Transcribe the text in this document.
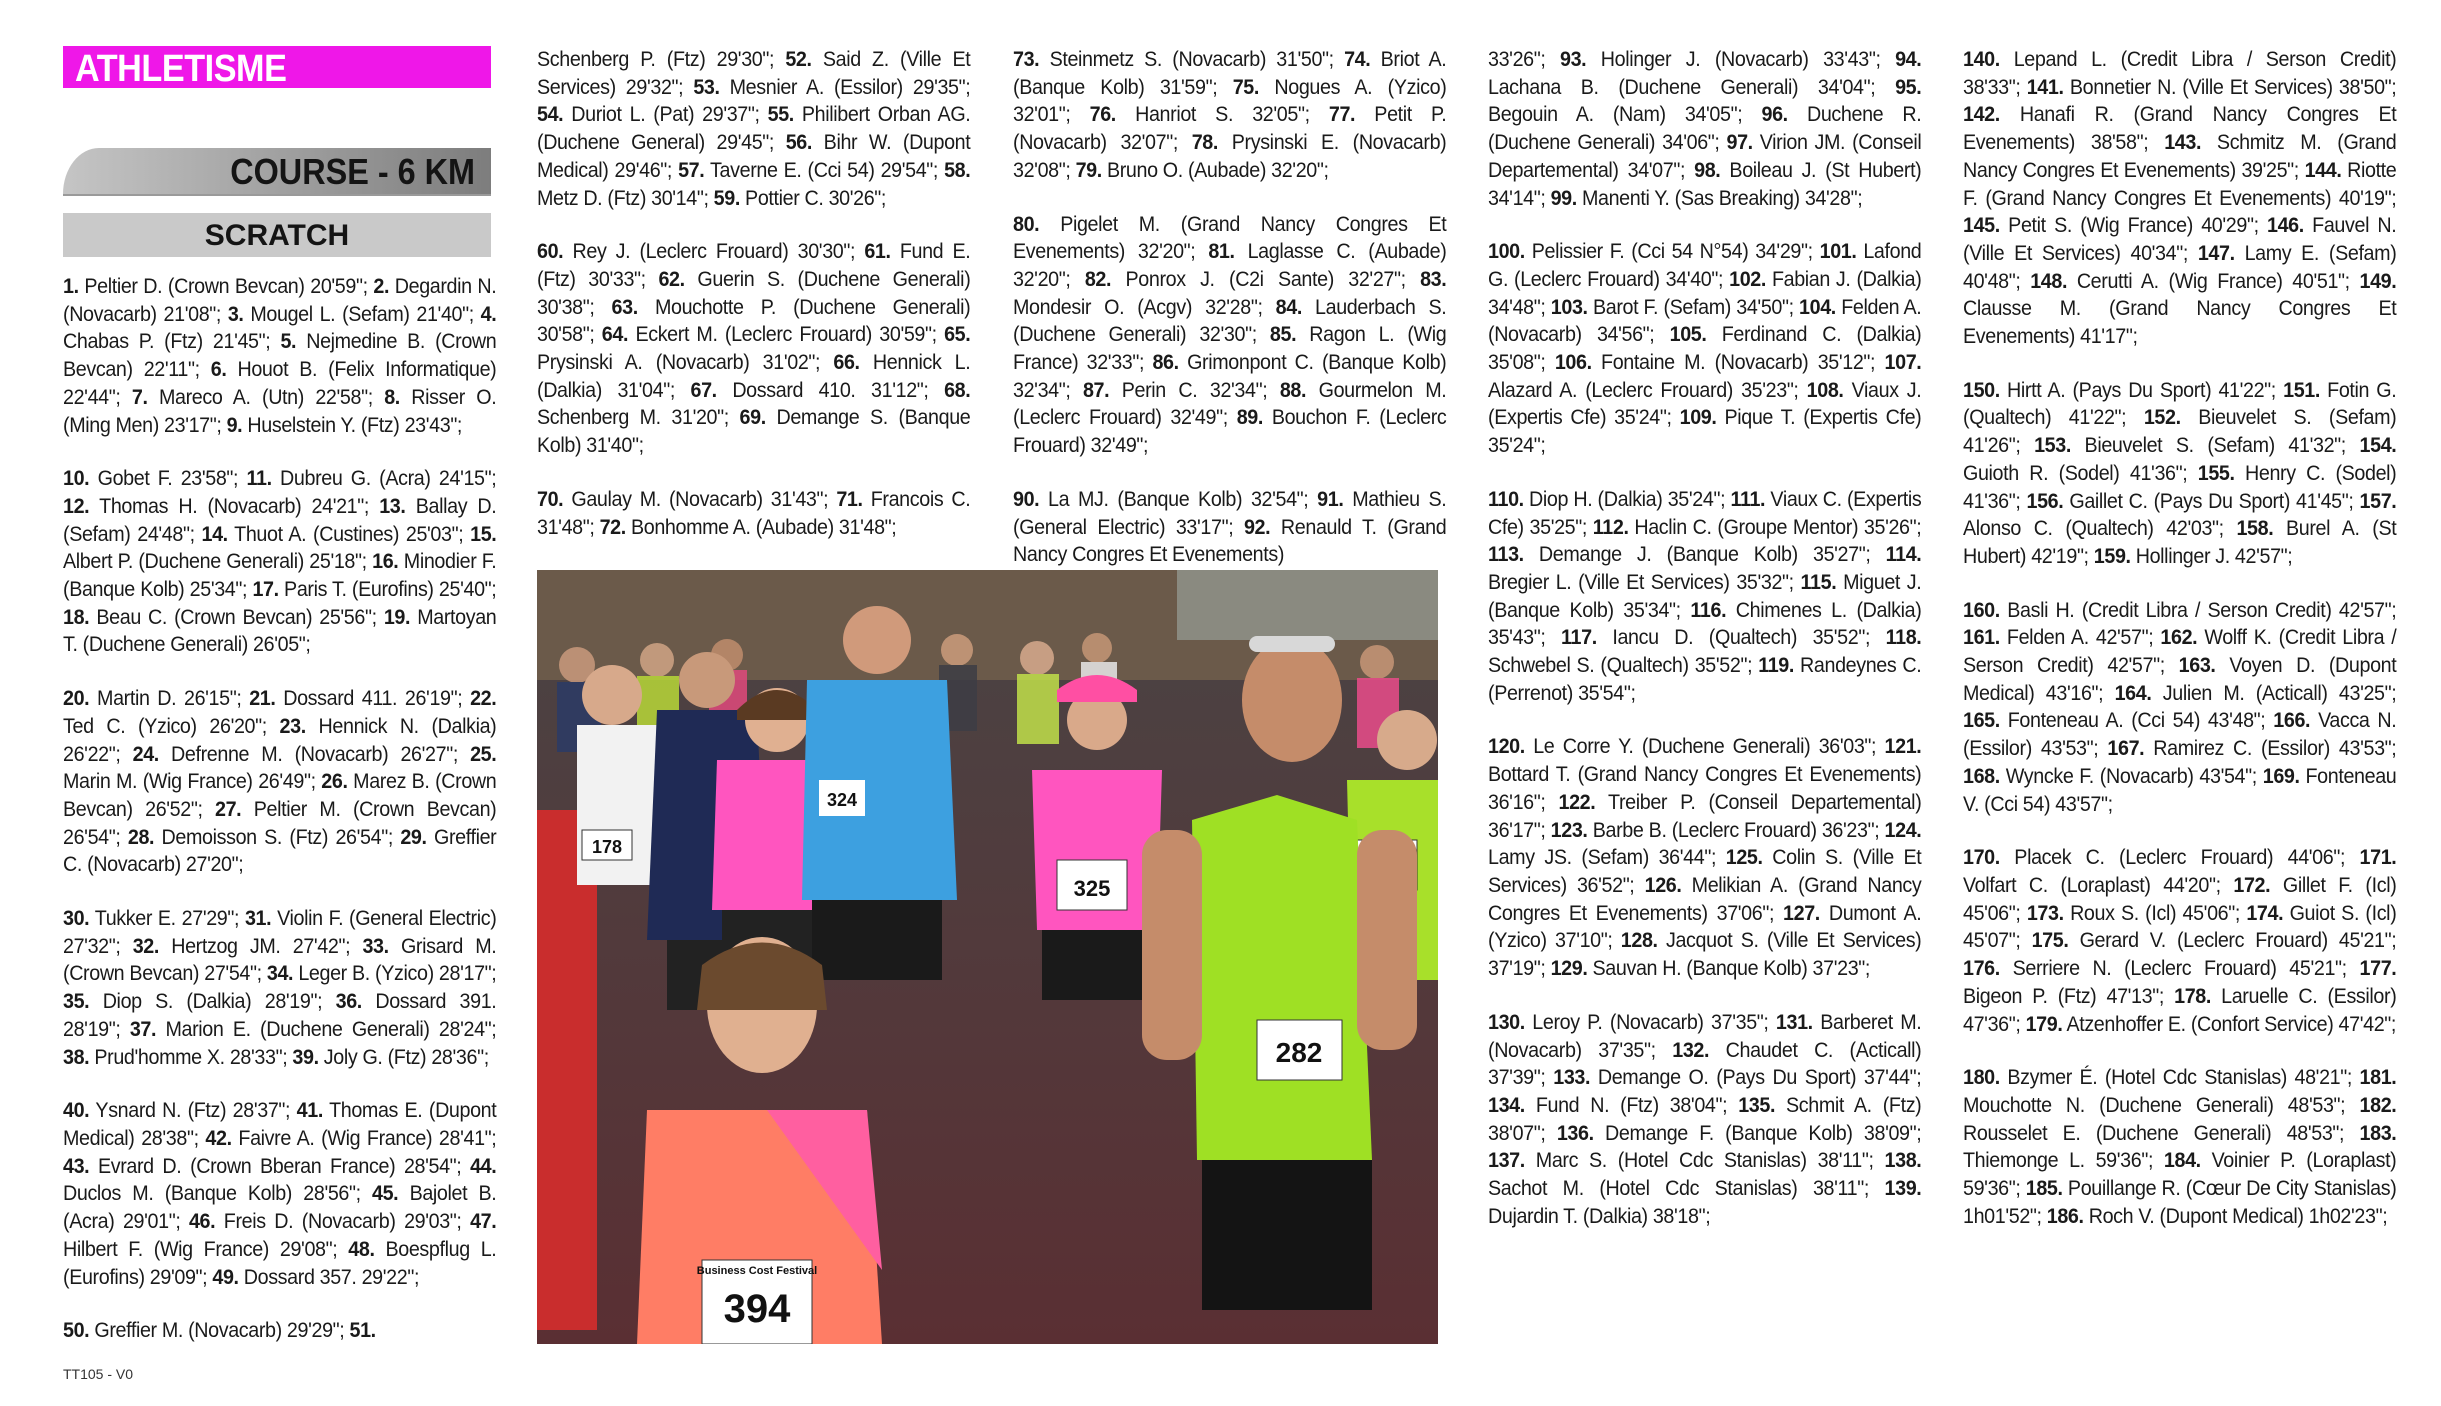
ATHLETISME
COURSE - 6 KM
SCRATCH

1. Peltier D. (Crown Bevcan) 20'59"; 2. Degardin N. (Novacarb) 21'08"; 3. Mougel L. (Sefam) 21'40"; 4. Chabas P. (Ftz) 21'45"; 5. Nejmedine B. (Crown Bevcan) 22'11"; 6. Houot B. (Felix Informatique) 22'44"; 7. Mareco A. (Utn) 22'58"; 8. Risser O. (Ming Men) 23'17"; 9. Huselstein Y. (Ftz) 23'43";

10. Gobet F. 23'58"; 11. Dubreu G. (Acra) 24'15"; 12. Thomas H. (Novacarb) 24'21"; 13. Ballay D. (Sefam) 24'48"; 14. Thuot A. (Custines) 25'03"; 15. Albert P. (Duchene Generali) 25'18"; 16. Minodier F. (Banque Kolb) 25'34"; 17. Paris T. (Eurofins) 25'40"; 18. Beau C. (Crown Bevcan) 25'56"; 19. Martoyan T. (Duchene Generali) 26'05";

20. Martin D. 26'15"; 21. Dossard 411. 26'19"; 22. Ted C. (Yzico) 26'20"; 23. Hennick N. (Dalkia) 26'22"; 24. Defrenne M. (Novacarb) 26'27"; 25. Marin M. (Wig France) 26'49"; 26. Marez B. (Crown Bevcan) 26'52"; 27. Peltier M. (Crown Bevcan) 26'54"; 28. Demoisson S. (Ftz) 26'54"; 29. Greffier C. (Novacarb) 27'20";

30. Tukker E. 27'29"; 31. Violin F. (General Electric) 27'32"; 32. Hertzog JM. 27'42"; 33. Grisard M. (Crown Bevcan) 27'54"; 34. Leger B. (Yzico) 28'17"; 35. Diop S. (Dalkia) 28'19"; 36. Dossard 391. 28'19"; 37. Marion E. (Duchene Generali) 28'24"; 38. Prud'homme X. 28'33"; 39. Joly G. (Ftz) 28'36";

40. Ysnard N. (Ftz) 28'37"; 41. Thomas E. (Dupont Medical) 28'38"; 42. Faivre A. (Wig France) 28'41"; 43. Evrard D. (Crown Bberan France) 28'54"; 44. Duclos M. (Banque Kolb) 28'56"; 45. Bajolet B. (Acra) 29'01"; 46. Freis D. (Novacarb) 29'03"; 47. Hilbert F. (Wig France) 29'08"; 48. Boespflug L. (Eurofins) 29'09"; 49. Dossard 357. 29'22";

50. Greffier M. (Novacarb) 29'29"; 51.

Schenberg P. (Ftz) 29'30"; 52. Said Z. (Ville Et Services) 29'32"; 53. Mesnier A. (Essilor) 29'35"; 54. Duriot L. (Pat) 29'37"; 55. Philibert Orban AG. (Duchene General) 29'45"; 56. Bihr W. (Dupont Medical) 29'46"; 57. Taverne E. (Cci 54) 29'54"; 58. Metz D. (Ftz) 30'14"; 59. Pottier C. 30'26";

60. Rey J. (Leclerc Frouard) 30'30"; 61. Fund E. (Ftz) 30'33"; 62. Guerin S. (Duchene Generali) 30'38"; 63. Mouchotte P. (Duchene Generali) 30'58"; 64. Eckert M. (Leclerc Frouard) 30'59"; 65. Prysinski A. (Novacarb) 31'02"; 66. Hennick L. (Dalkia) 31'04"; 67. Dossard 410. 31'12"; 68. Schenberg M. 31'20"; 69. Demange S. (Banque Kolb) 31'40";

70. Gaulay M. (Novacarb) 31'43"; 71. Francois C. 31'48"; 72. Bonhomme A. (Aubade) 31'48";

73. Steinmetz S. (Novacarb) 31'50"; 74. Briot A. (Banque Kolb) 31'59"; 75. Nogues A. (Yzico) 32'01"; 76. Hanriot S. 32'05"; 77. Petit P. (Novacarb) 32'07"; 78. Prysinski E. (Novacarb) 32'08"; 79. Bruno O. (Aubade) 32'20";

80. Pigelet M. (Grand Nancy Congres Et Evenements) 32'20"; 81. Laglasse C. (Aubade) 32'20"; 82. Ponrox J. (C2i Sante) 32'27"; 83. Mondesir O. (Acgv) 32'28"; 84. Lauderbach S. (Duchene Generali) 32'30"; 85. Ragon L. (Wig France) 32'33"; 86. Grimonpont C. (Banque Kolb) 32'34"; 87. Perin C. 32'34"; 88. Gourmelon M. (Leclerc Frouard) 32'49"; 89. Bouchon F. (Leclerc Frouard) 32'49";

90. La MJ. (Banque Kolb) 32'54"; 91. Mathieu S. (General Electric) 33'17"; 92. Renauld T. (Grand Nancy Congres Et Evenements)

33'26"; 93. Holinger J. (Novacarb) 33'43"; 94. Lachana B. (Duchene Generali) 34'04"; 95. Begouin A. (Nam) 34'05"; 96. Duchene R. (Duchene Generali) 34'06"; 97. Virion JM. (Conseil Departemental) 34'07"; 98. Boileau J. (St Hubert) 34'14"; 99. Manenti Y. (Sas Breaking) 34'28";

100. Pelissier F. (Cci 54 N°54) 34'29"; 101. Lafond G. (Leclerc Frouard) 34'40"; 102. Fabian J. (Dalkia) 34'48"; 103. Barot F. (Sefam) 34'50"; 104. Felden A. (Novacarb) 34'56"; 105. Ferdinand C. (Dalkia) 35'08"; 106. Fontaine M. (Novacarb) 35'12"; 107. Alazard A. (Leclerc Frouard) 35'23"; 108. Viaux J. (Expertis Cfe) 35'24"; 109. Pique T. (Expertis Cfe) 35'24";

110. Diop H. (Dalkia) 35'24"; 111. Viaux C. (Expertis Cfe) 35'25"; 112. Haclin C. (Groupe Mentor) 35'26"; 113. Demange J. (Banque Kolb) 35'27"; 114. Bregier L. (Ville Et Services) 35'32"; 115. Miguet J. (Banque Kolb) 35'34"; 116. Chimenes L. (Dalkia) 35'43"; 117. Iancu D. (Qualtech) 35'52"; 118. Schwebel S. (Qualtech) 35'52"; 119. Randeynes C. (Perrenot) 35'54";

120. Le Corre Y. (Duchene Generali) 36'03"; 121. Bottard T. (Grand Nancy Congres Et Evenements) 36'16"; 122. Treiber P. (Conseil Departemental) 36'17"; 123. Barbe B. (Leclerc Frouard) 36'23"; 124. Lamy JS. (Sefam) 36'44"; 125. Colin S. (Ville Et Services) 36'52"; 126. Melikian A. (Grand Nancy Congres Et Evenements) 37'06"; 127. Dumont A. (Yzico) 37'10"; 128. Jacquot S. (Ville Et Services) 37'19"; 129. Sauvan H. (Banque Kolb) 37'23";

130. Leroy P. (Novacarb) 37'35"; 131. Barberet M. (Novacarb) 37'35"; 132. Chaudet C. (Acticall) 37'39"; 133. Demange O. (Pays Du Sport) 37'44"; 134. Fund N. (Ftz) 38'04"; 135. Schmit A. (Ftz) 38'07"; 136. Demange F. (Banque Kolb) 38'09"; 137. Marc S. (Hotel Cdc Stanislas) 38'11"; 138. Sachot M. (Hotel Cdc Stanislas) 38'11"; 139. Dujardin T. (Dalkia) 38'18";

140. Lepand L. (Credit Libra / Serson Credit) 38'33"; 141. Bonnetier N. (Ville Et Services) 38'50"; 142. Hanafi R. (Grand Nancy Congres Et Evenements) 38'58"; 143. Schmitz M. (Grand Nancy Congres Et Evenements) 39'25"; 144. Riotte F. (Grand Nancy Congres Et Evenements) 40'19"; 145. Petit S. (Wig France) 40'29"; 146. Fauvel N. (Ville Et Services) 40'34"; 147. Lamy E. (Sefam) 40'48"; 148. Cerutti A. (Wig France) 40'51"; 149. Clausse M. (Grand Nancy Congres Et Evenements) 41'17";

150. Hirtt A. (Pays Du Sport) 41'22"; 151. Fotin G. (Qualtech) 41'22"; 152. Bieuvelet S. (Sefam) 41'26"; 153. Bieuvelet S. (Sefam) 41'32"; 154. Guioth R. (Sodel) 41'36"; 155. Henry C. (Sodel) 41'36"; 156. Gaillet C. (Pays Du Sport) 41'45"; 157. Alonso C. (Qualtech) 42'03"; 158. Burel A. (St Hubert) 42'19"; 159. Hollinger J. 42'57";

160. Basli H. (Credit Libra / Serson Credit) 42'57"; 161. Felden A. 42'57"; 162. Wolff K. (Credit Libra / Serson Credit) 42'57"; 163. Voyen D. (Dupont Medical) 43'16"; 164. Julien M. (Acticall) 43'25"; 165. Fonteneau A. (Cci 54) 43'48"; 166. Vacca N. (Essilor) 43'53"; 167. Ramirez C. (Essilor) 43'53"; 168. Wyncke F. (Novacarb) 43'54"; 169. Fonteneau V. (Cci 54) 43'57";

170. Placek C. (Leclerc Frouard) 44'06"; 171. Volfart C. (Loraplast) 44'20"; 172. Gillet F. (Icl) 45'06"; 173. Roux S. (Icl) 45'06"; 174. Guiot S. (Icl) 45'07"; 175. Gerard V. (Leclerc Frouard) 45'21"; 176. Serriere N. (Leclerc Frouard) 45'21"; 177. Bigeon P. (Ftz) 47'13"; 178. Laruelle C. (Essilor) 47'36"; 179. Atzenhoffer E. (Confort Service) 47'42";

180. Bzymer É. (Hotel Cdc Stanislas) 48'21"; 181. Mouchotte N. (Duchene Generali) 48'53"; 182. Rousselet E. (Duchene Generali) 48'53"; 183. Thiemonge L. 59'36"; 184. Voinier P. (Loraplast) 59'36"; 185. Pouillange R. (Cœur De City Stanislas) 1h01'52"; 186. Roch V. (Dupont Medical) 1h02'23";

178
324
325
282
Business Cost Festival
394
TT105 - V0
